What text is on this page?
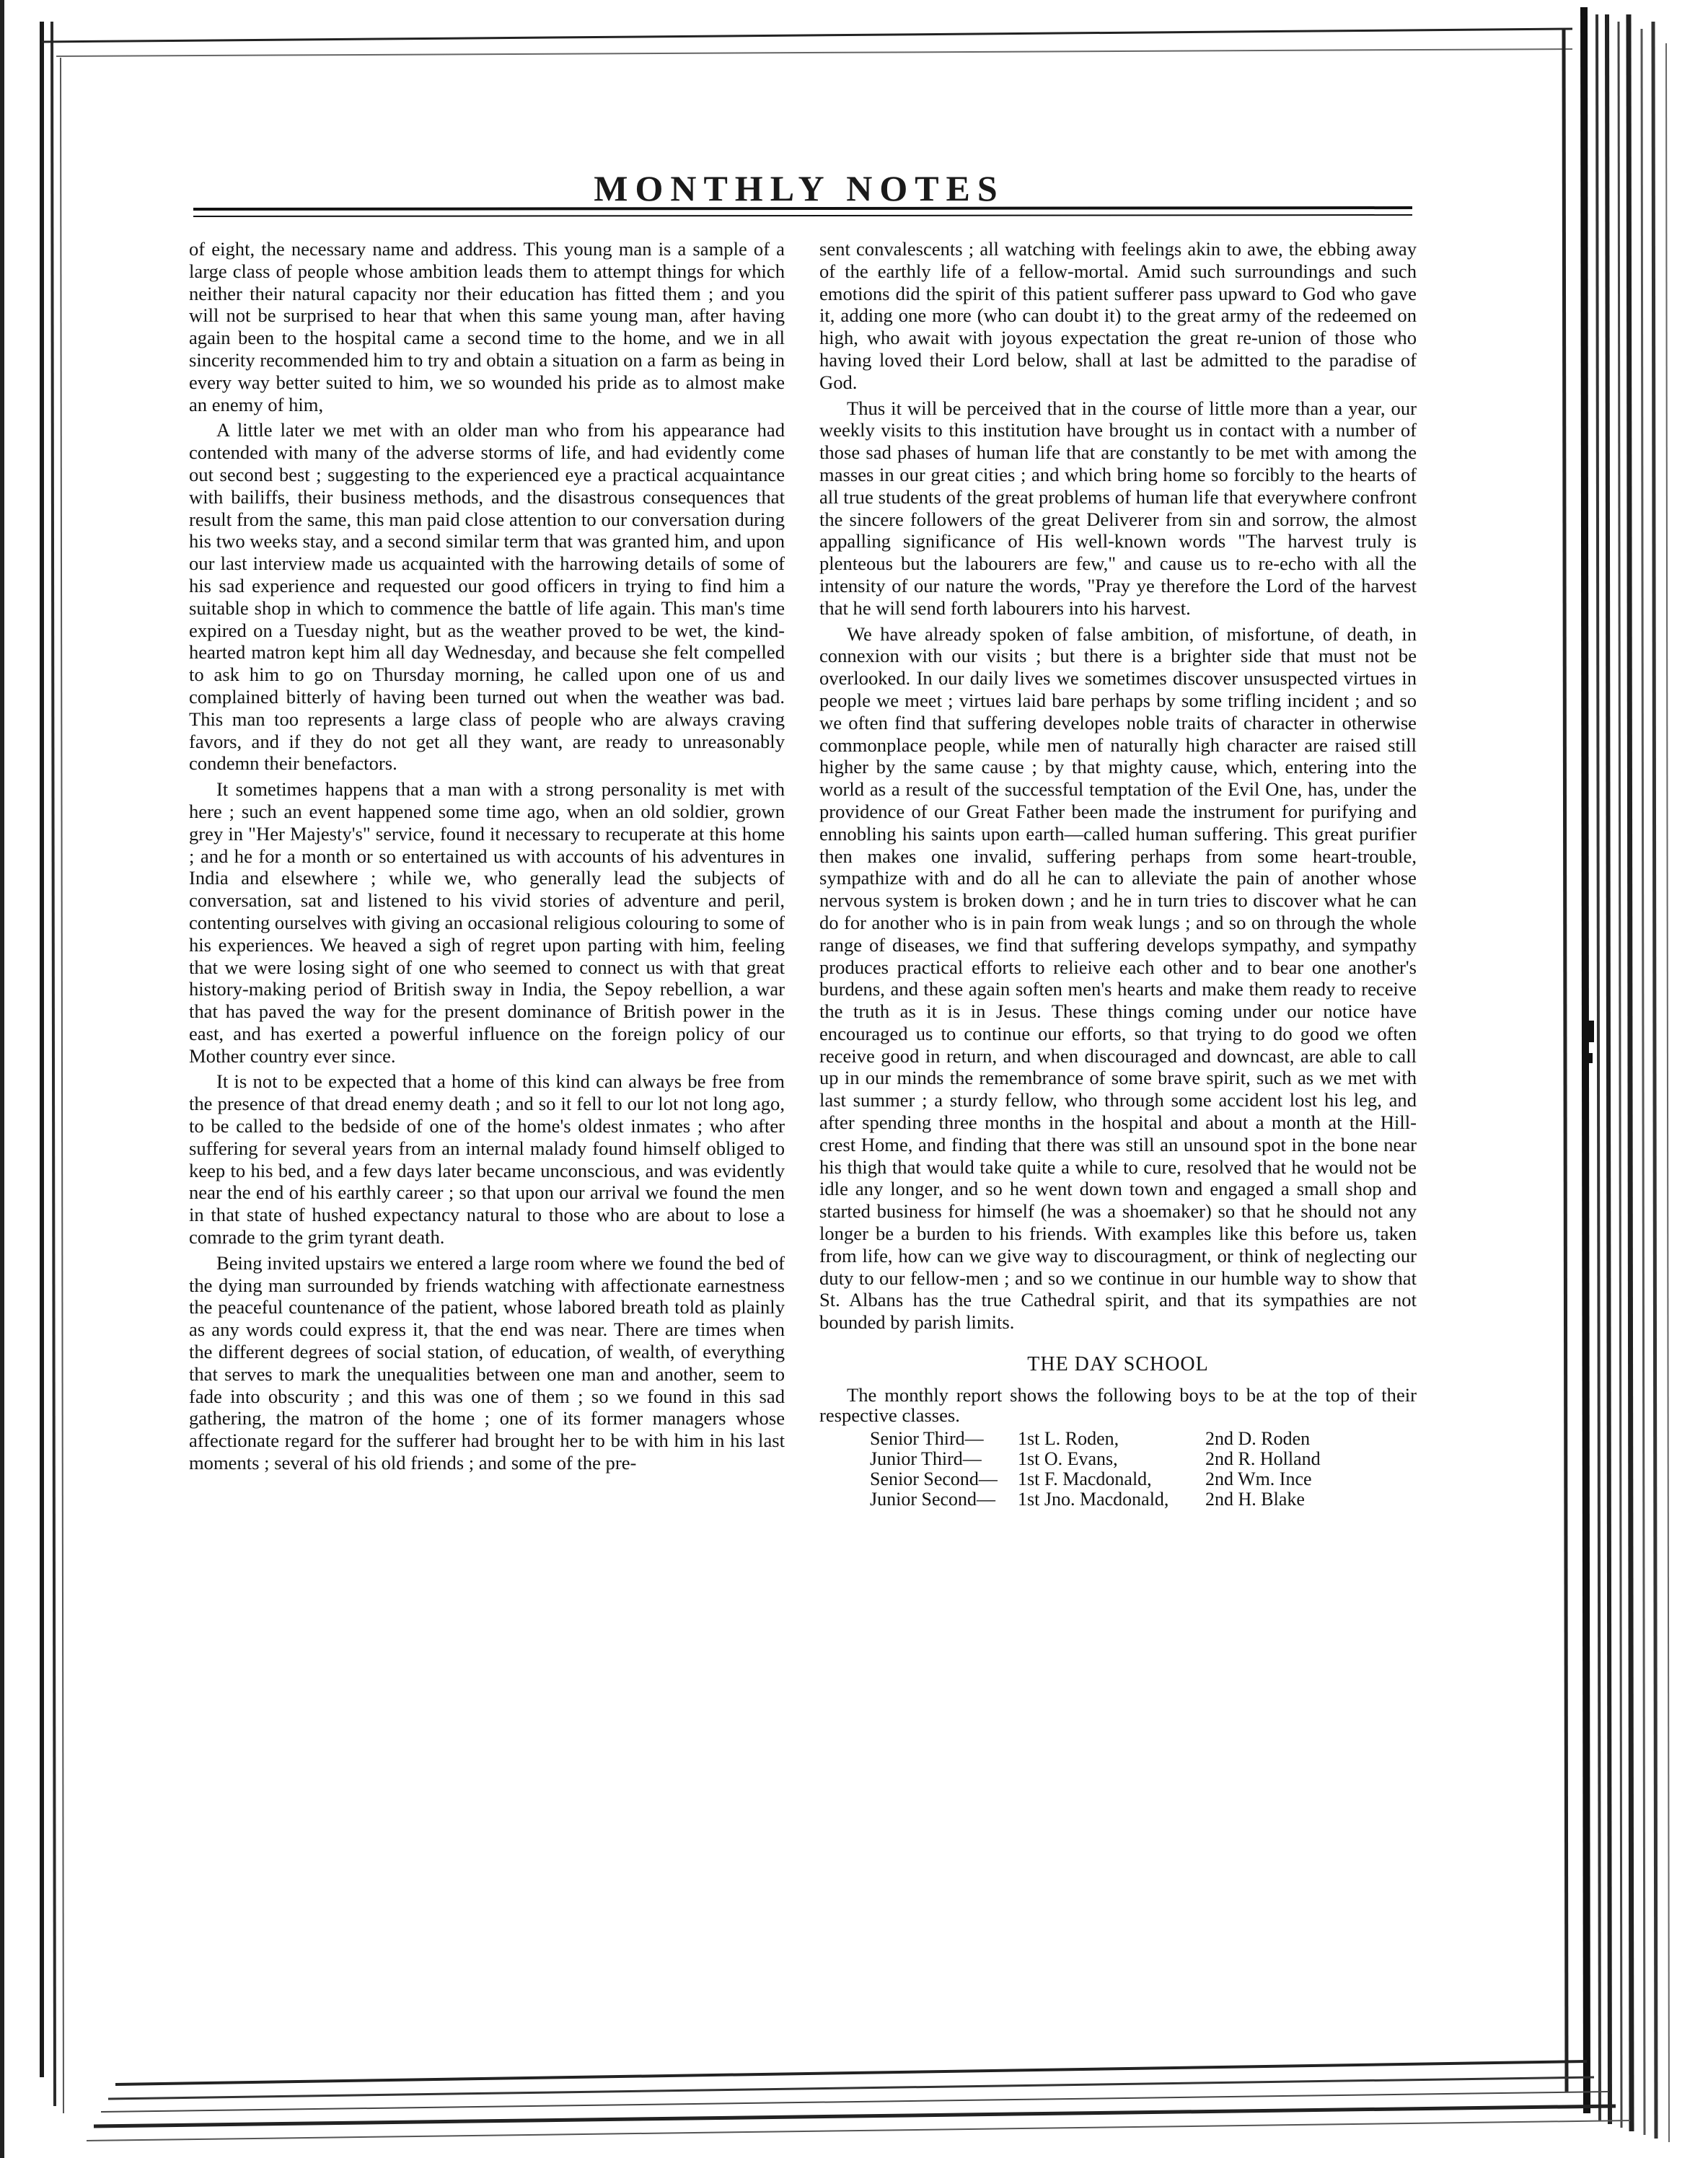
MONTHLY NOTES

of eight, the necessary name and address. This young man is a sample of a large class of people whose ambition leads them to attempt things for which neither their natural capacity nor their education has fitted them ; and you will not be surprised to hear that when this same young man, after having again been to the hospital came a second time to the home, and we in all sincerity recommended him to try and obtain a situation on a farm as being in every way better suited to him, we so wounded his pride as to almost make an enemy of him,

A little later we met with an older man who from his appearance had contended with many of the adverse storms of life, and had evidently come out second best ; suggesting to the experienced eye a practical acquaintance with bailiffs, their business methods, and the disastrous consequences that result from the same, this man paid close attention to our conversation during his two weeks stay, and a second similar term that was granted him, and upon our last interview made us acquainted with the harrowing details of some of his sad experience and requested our good officers in trying to find him a suitable shop in which to commence the battle of life again. This man's time expired on a Tuesday night, but as the weather proved to be wet, the kind-hearted matron kept him all day Wednesday, and because she felt compelled to ask him to go on Thursday morning, he called upon one of us and complained bitterly of having been turned out when the weather was bad. This man too represents a large class of people who are always craving favors, and if they do not get all they want, are ready to unreasonably condemn their benefactors.

It sometimes happens that a man with a strong personality is met with here ; such an event happened some time ago, when an old soldier, grown grey in "Her Majesty's" service, found it necessary to recuperate at this home ; and he for a month or so entertained us with accounts of his adventures in India and elsewhere ; while we, who generally lead the subjects of conversation, sat and listened to his vivid stories of adventure and peril, contenting ourselves with giving an occasional religious colouring to some of his experiences. We heaved a sigh of regret upon parting with him, feeling that we were losing sight of one who seemed to connect us with that great history-making period of British sway in India, the Sepoy rebellion, a war that has paved the way for the present dominance of British power in the east, and has exerted a powerful influence on the foreign policy of our Mother country ever since.

It is not to be expected that a home of this kind can always be free from the presence of that dread enemy death ; and so it fell to our lot not long ago, to be called to the bedside of one of the home's oldest inmates ; who after suffering for several years from an internal malady found himself obliged to keep to his bed, and a few days later became unconscious, and was evidently near the end of his earthly career ; so that upon our arrival we found the men in that state of hushed expectancy natural to those who are about to lose a comrade to the grim tyrant death.

Being invited upstairs we entered a large room where we found the bed of the dying man surrounded by friends watching with affectionate earnestness the peaceful countenance of the patient, whose labored breath told as plainly as any words could express it, that the end was near. There are times when the different degrees of social station, of education, of wealth, of everything that serves to mark the unequalities between one man and another, seem to fade into obscurity ; and this was one of them ; so we found in this sad gathering, the matron of the home ; one of its former managers whose affectionate regard for the sufferer had brought her to be with him in his last moments ; several of his old friends ; and some of the pre-

sent convalescents ; all watching with feelings akin to awe, the ebbing away of the earthly life of a fellow-mortal. Amid such surroundings and such emotions did the spirit of this patient sufferer pass upward to God who gave it, adding one more (who can doubt it) to the great army of the redeemed on high, who await with joyous expectation the great re-union of those who having loved their Lord below, shall at last be admitted to the paradise of God.

Thus it will be perceived that in the course of little more than a year, our weekly visits to this institution have brought us in contact with a number of those sad phases of human life that are constantly to be met with among the masses in our great cities ; and which bring home so forcibly to the hearts of all true students of the great problems of human life that everywhere confront the sincere followers of the great Deliverer from sin and sorrow, the almost appalling significance of His well-known words "The harvest truly is plenteous but the labourers are few," and cause us to re-echo with all the intensity of our nature the words, "Pray ye therefore the Lord of the harvest that he will send forth labourers into his harvest.

We have already spoken of false ambition, of misfortune, of death, in connexion with our visits ; but there is a brighter side that must not be overlooked. In our daily lives we sometimes discover unsuspected virtues in people we meet ; virtues laid bare perhaps by some trifling incident ; and so we often find that suffering developes noble traits of character in otherwise commonplace people, while men of naturally high character are raised still higher by the same cause ; by that mighty cause, which, entering into the world as a result of the successful temptation of the Evil One, has, under the providence of our Great Father been made the instrument for purifying and ennobling his saints upon earth—called human suffering. This great purifier then makes one invalid, suffering perhaps from some heart-trouble, sympathize with and do all he can to alleviate the pain of another whose nervous system is broken down ; and he in turn tries to discover what he can do for another who is in pain from weak lungs ; and so on through the whole range of diseases, we find that suffering develops sympathy, and sympathy produces practical efforts to relieive each other and to bear one another's burdens, and these again soften men's hearts and make them ready to receive the truth as it is in Jesus. These things coming under our notice have encouraged us to continue our efforts, so that trying to do good we often receive good in return, and when discouraged and downcast, are able to call up in our minds the remembrance of some brave spirit, such as we met with last summer ; a sturdy fellow, who through some accident lost his leg, and after spending three months in the hospital and about a month at the Hill-crest Home, and finding that there was still an unsound spot in the bone near his thigh that would take quite a while to cure, resolved that he would not be idle any longer, and so he went down town and engaged a small shop and started business for himself (he was a shoemaker) so that he should not any longer be a burden to his friends. With examples like this before us, taken from life, how can we give way to discouragment, or think of neglecting our duty to our fellow-men ; and so we continue in our humble way to show that St. Albans has the true Cathedral spirit, and that its sympathies are not bounded by parish limits.

THE DAY SCHOOL

The monthly report shows the following boys to be at the top of their respective classes.

Senior Third— 1st L. Roden,	2nd D. Roden
Junior Third— 1st O. Evans,	2nd R. Holland
Senior Second— 1st F. Macdonald,	2nd Wm. Ince
Junior Second— 1st Jno. Macdonald, 2nd H. Blake
